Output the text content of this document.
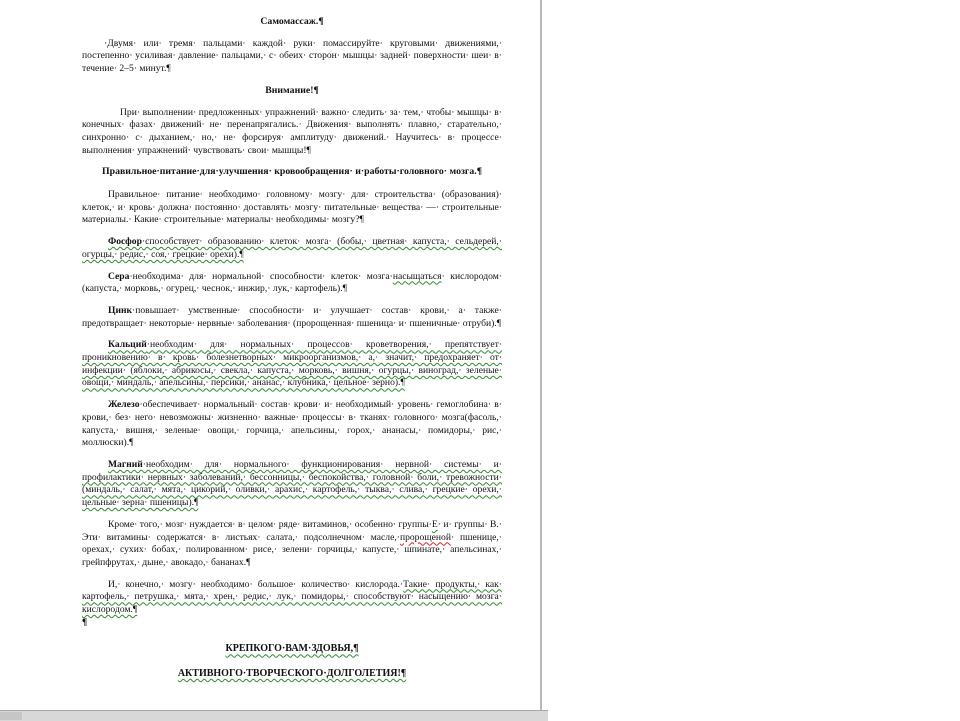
Самомассаж.¶

·Двумя· или· тремя· пальцами· каждой· руки· помассируйте· круговыми· движениями,· постепенно· усиливая· давление· пальцами,· с· обеих· сторон· мышцы· задней· поверхности· шеи· в· течение· 2–5· минут.¶

Внимание!¶

При· выполнении· предложенных· упражнений· важно· следить· за· тем,· чтобы· мышцы· в· конечных· фазах· движений· не· перенапрягались.· Движения· выполнять· плавно,· старательно,· синхронно· с· дыханием,· но,· не· форсируя· амплитуду· движений.· Научитесь· в· процессе· выполнения· упражнений· чувствовать· свои· мышцы!¶

Правильное·питание·для·улучшения· кровообращения· и·работы·головного· мозга.¶

Правильное· питание· необходимо· головному· мозгу· для· строительства· (образования)· клеток,· и· кровь· должна· постоянно· доставлять· мозгу· питательные· вещества· —· строительные· материалы.· Какие· строительные· материалы· необходимы· мозгу?¶

Фосфор·способствует· образованию· клеток· мозга· (бобы,· цветная· капуста,· сельдерей,· огурцы,· редис,· соя,· грецкие· орехи).¶

Сера·необходима· для· нормальной· способности· клеток· мозга·насыщаться· кислородом· (капуста,· морковь,· огурец,· чеснок,· инжир,· лук,· картофель).¶

Цинк·повышает· умственные· способности· и· улучшает· состав· крови,· а· также· предотвращает· некоторые· нервные· заболевания· (пророщенная· пшеница· и· пшеничные· отруби).¶

Кальций·необходим· для· нормальных· процессов· кроветворения,· препятствует· проникновению· в· кровь· болезнетворных· микроорганизмов,· а,· значит,· предохраняет· от· инфекции· (яблоки,· абрикосы,· свекла,· капуста,· морковь,· вишня,· огурцы,· виноград,· зеленые· овощи,· миндаль,· апельсины,· персики,· ананас,· клубника,· цельное· зерно).¶

Железо·обеспечивает· нормальный· состав· крови· и· необходимый· уровень· гемоглобина· в· крови,· без· него· невозможны· жизненно· важные· процессы· в· тканях· головного· мозга(фасоль,· капуста,· вишня,· зеленые· овощи,· горчица,· апельсины,· горох,· ананасы,· помидоры,· рис,· моллюски).¶

Магний·необходим· для· нормального· функционирования· нервной· системы· и· профилактики· нервных· заболеваний,· бессонницы,· беспокойства,· головной· боли,· тревожности· (миндаль,· салат,· мята,· цикорий,· оливки,· арахис,· картофель,· тыква,· слива,· грецкие· орехи,· цельные· зерна· пшеницы).¶

Кроме· того,· мозг· нуждается· в· целом· ряде· витаминов,· особенно· группы·Е· и· группы· В.· Эти· витамины· содержатся· в· листьях· салата,· подсолнечном· масле,·пророщеной· пшенице,· орехах,· сухих· бобах,· полированном· рисе,· зелени· горчицы,· капусте,· шпинате,· апельсинах,· грейпфрутах,· дыне,· авокадо,· бананах.¶

И,· конечно,· мозгу· необходимо· большое· количество· кислорода.·Такие· продукты,· как· картофель,· петрушка,· мята,· хрен,· редис,· лук,· помидоры,· способствуют· насыщению· мозга· кислородом.¶

¶

КРЕПКОГО·ВАМ·ЗДОВЬЯ,¶

АКТИВНОГО·ТВОРЧЕСКОГО·ДОЛГОЛЕТИЯ!¶
